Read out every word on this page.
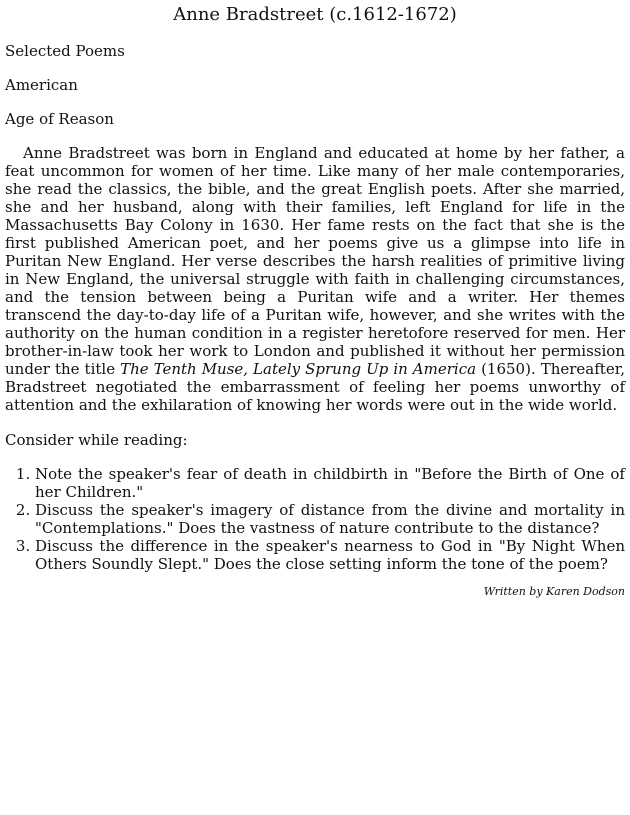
Anne Bradstreet (c.1612-1672)

Selected Poems

American

Age of Reason

Anne Bradstreet was born in England and educated at home by her father, a feat uncommon for women of her time. Like many of her male contemporaries, she read the classics, the bible, and the great English poets. After she married, she and her husband, along with their families, left England for life in the Massachusetts Bay Colony in 1630. Her fame rests on the fact that she is the first published American poet, and her poems give us a glimpse into life in Puritan New England. Her verse describes the harsh realities of primitive living in New England, the universal struggle with faith in challenging circumstances, and the tension between being a Puritan wife and a writer. Her themes transcend the day-to-day life of a Puritan wife, however, and she writes with the authority on the human condition in a register heretofore reserved for men. Her brother-in-law took her work to London and published it without her permission under the title The Tenth Muse, Lately Sprung Up in America (1650). Thereafter, Bradstreet negotiated the embarrassment of feeling her poems unworthy of attention and the exhilaration of knowing her words were out in the wide world.

Consider while reading:

1. Note the speaker's fear of death in childbirth in "Before the Birth of One of her Children."
2. Discuss the speaker's imagery of distance from the divine and mortality in "Contemplations." Does the vastness of nature contribute to the distance?
3. Discuss the difference in the speaker's nearness to God in "By Night When Others Soundly Slept." Does the close setting inform the tone of the poem?

Written by Karen Dodson
